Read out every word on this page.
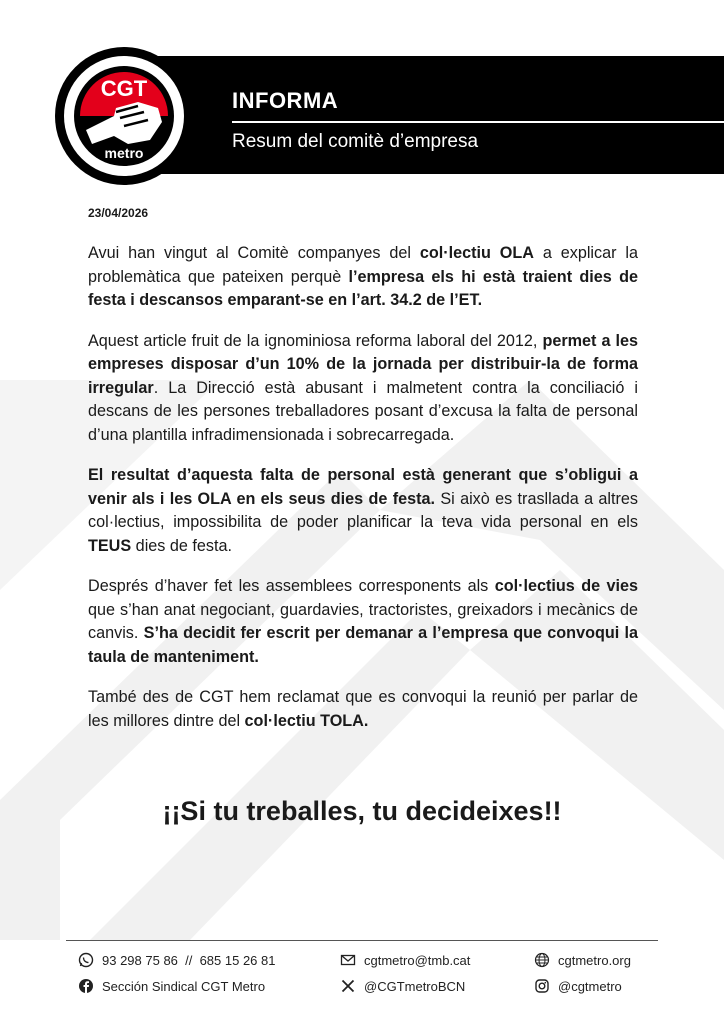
CGT
metro
INFORMA
Resum del comitè d’empresa
23/04/2026

Avui han vingut al Comitè companyes del col·lectiu OLA a explicar la problemàtica que pateixen perquè l’empresa els hi està traient dies de festa i descansos emparant-se en l’art. 34.2 de l’ET.

Aquest article fruit de la ignominiosa reforma laboral del 2012, permet a les empreses disposar d’un 10% de la jornada per distribuir-la de forma irregular. La Direcció està abusant i malmetent contra la conciliació i descans de les persones treballadores posant d’excusa la falta de personal d’una plantilla infradimensionada i sobrecarregada.

El resultat d’aquesta falta de personal està generant que s’obligui a venir als i les OLA en els seus dies de festa. Si això es trasllada a altres col·lectius, impossibilita de poder planificar la teva vida personal en els TEUS dies de festa.

Després d’haver fet les assemblees corresponents als col·lectius de vies que s’han anat negociant, guardavies, tractoristes, greixadors i mecànics de canvis. S’ha decidit fer escrit per demanar a l’empresa que convoqui la taula de manteniment.

També des de CGT hem reclamat que es convoqui la reunió per parlar de les millores dintre del col·lectiu TOLA.

¡¡Si tu treballes, tu decideixes!!
93 298 75 86  //  685 15 26 81	cgtmetro@tmb.cat	cgtmetro.org
Sección Sindical CGT Metro	@CGTmetroBCN	@cgtmetro
